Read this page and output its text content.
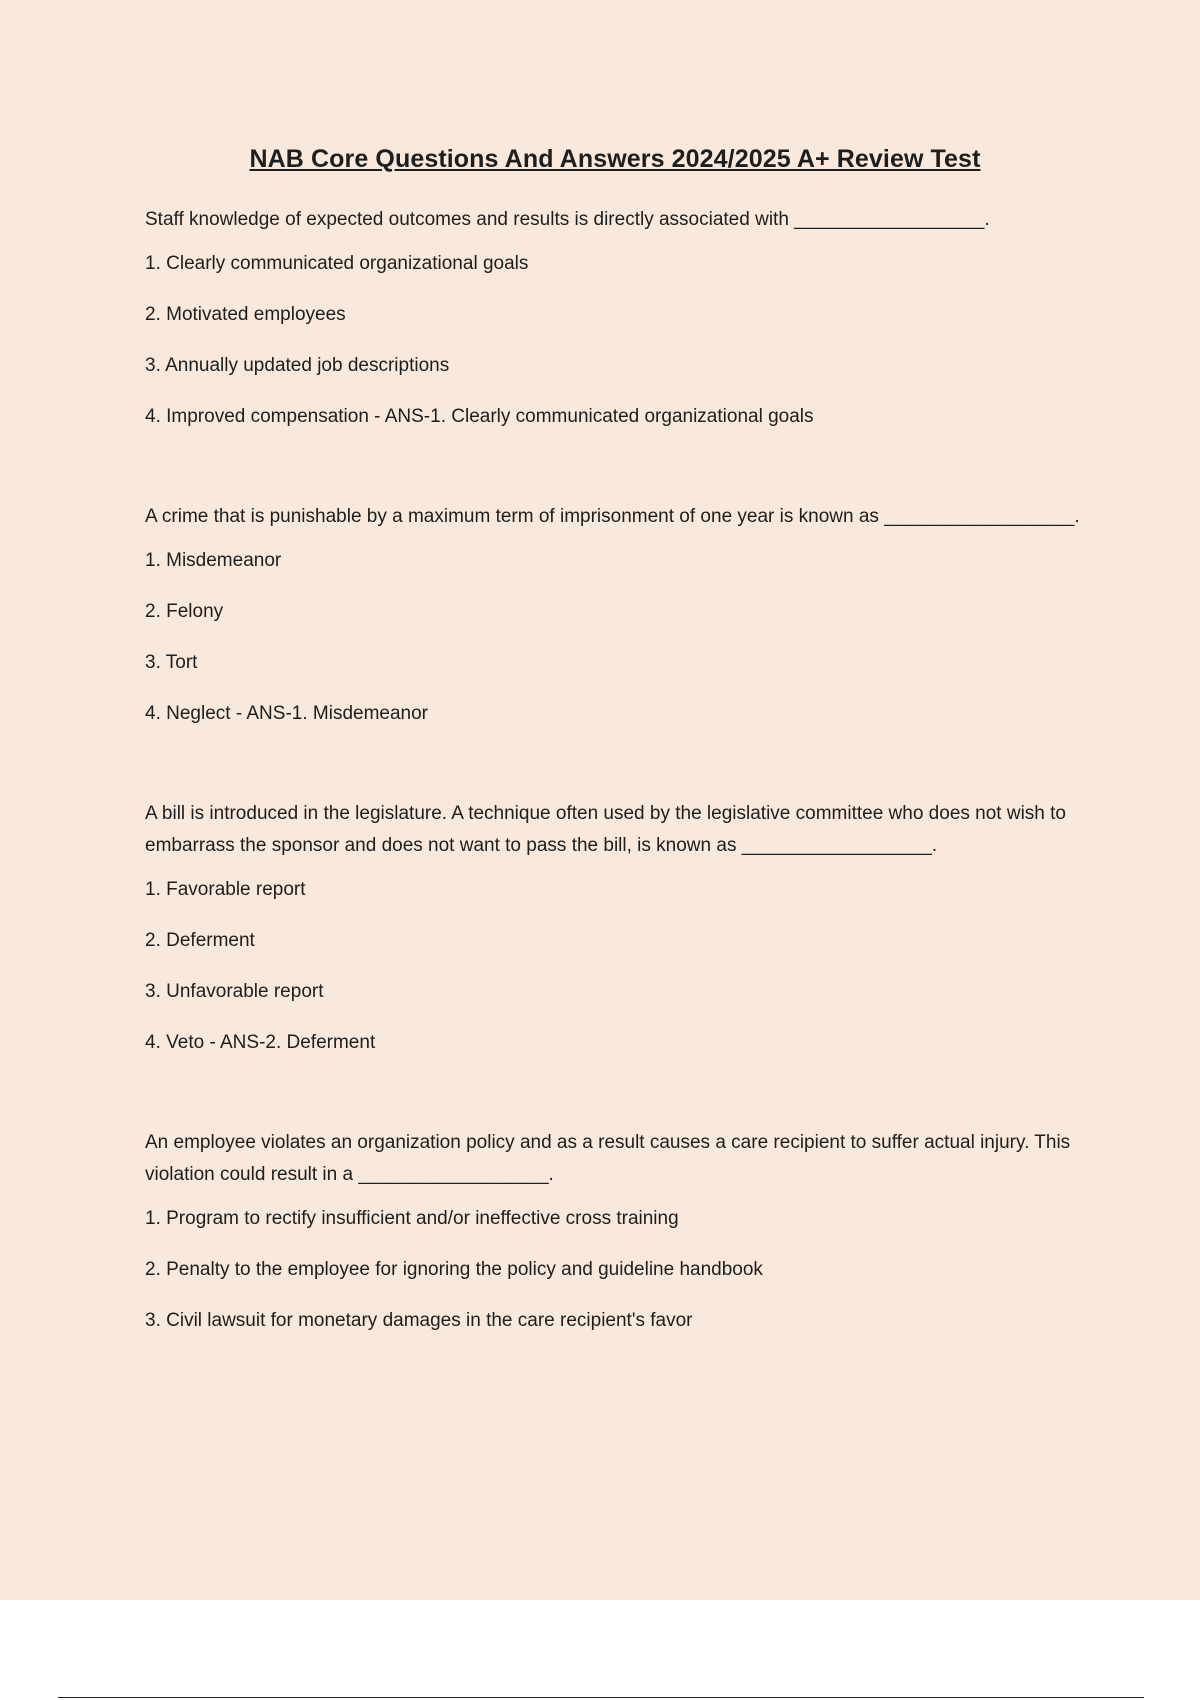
NAB Core Questions And Answers 2024/2025 A+ Review Test
Staff knowledge of expected outcomes and results is directly associated with __________________.
1. Clearly communicated organizational goals
2. Motivated employees
3. Annually updated job descriptions
4. Improved compensation - ANS-1. Clearly communicated organizational goals
A crime that is punishable by a maximum term of imprisonment of one year is known as __________________.
1. Misdemeanor
2. Felony
3. Tort
4. Neglect - ANS-1. Misdemeanor
A bill is introduced in the legislature. A technique often used by the legislative committee who does not wish to embarrass the sponsor and does not want to pass the bill, is known as __________________.
1. Favorable report
2. Deferment
3. Unfavorable report
4. Veto - ANS-2. Deferment
An employee violates an organization policy and as a result causes a care recipient to suffer actual injury. This violation could result in a __________________.
1. Program to rectify insufficient and/or ineffective cross training
2. Penalty to the employee for ignoring the policy and guideline handbook
3. Civil lawsuit for monetary damages in the care recipient's favor
